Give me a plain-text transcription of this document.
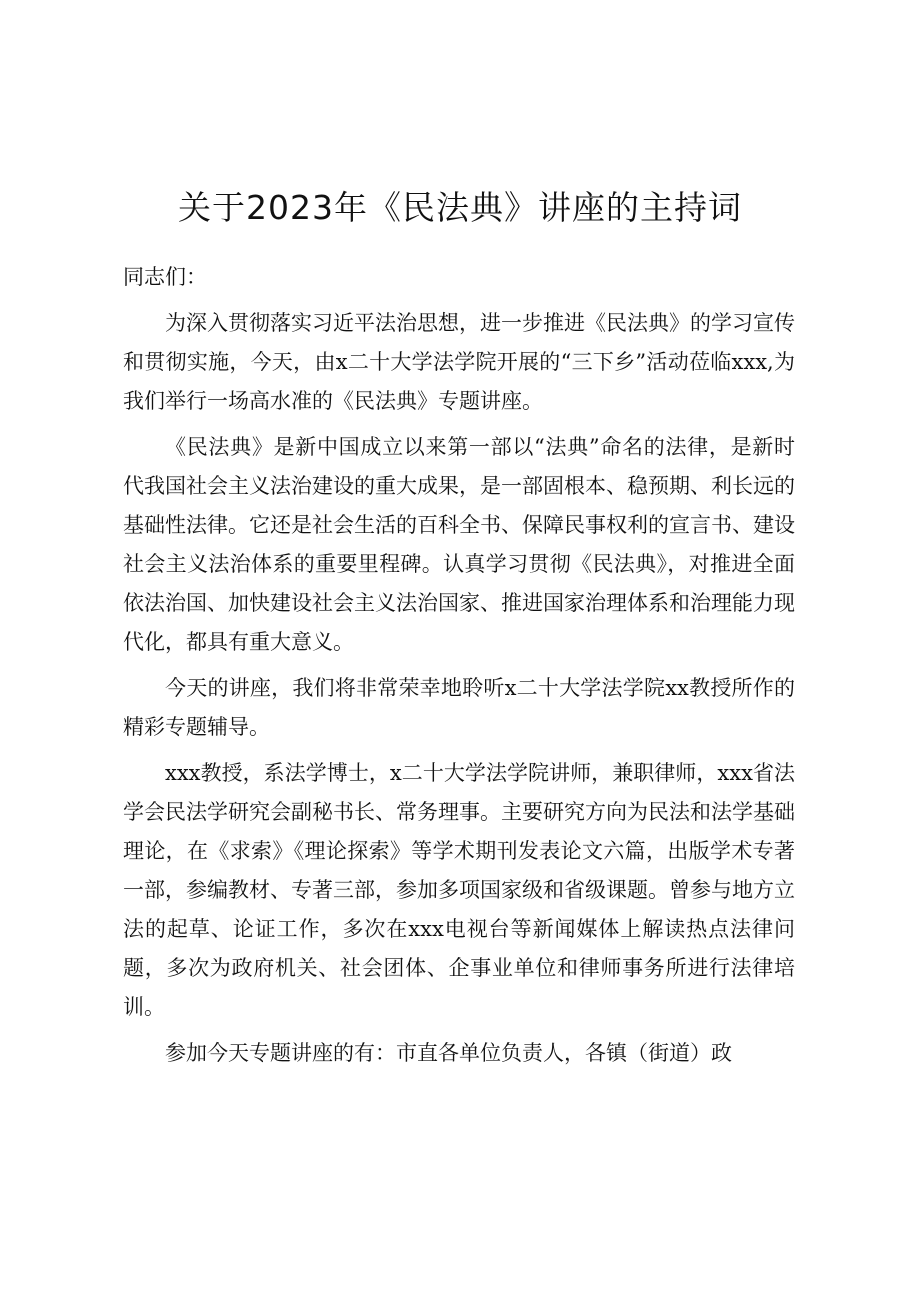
关于2023年《民法典》讲座的主持词

同志们：

为深入贯彻落实习近平法治思想，进一步推进《民法典》的学习宣传和贯彻实施，今天，由x二十大学法学院开展的“三下乡”活动莅临xxx,为我们举行一场高水准的《民法典》专题讲座。

《民法典》是新中国成立以来第一部以“法典”命名的法律，是新时代我国社会主义法治建设的重大成果，是一部固根本、稳预期、利长远的基础性法律。它还是社会生活的百科全书、保障民事权利的宣言书、建设社会主义法治体系的重要里程碑。认真学习贯彻《民法典》，对推进全面依法治国、加快建设社会主义法治国家、推进国家治理体系和治理能力现代化，都具有重大意义。

今天的讲座，我们将非常荣幸地聆听x二十大学法学院xx教授所作的精彩专题辅导。

xxx教授，系法学博士，x二十大学法学院讲师，兼职律师，xxx省法学会民法学研究会副秘书长、常务理事。主要研究方向为民法和法学基础理论，在《求索》《理论探索》等学术期刊发表论文六篇，出版学术专著一部，参编教材、专著三部，参加多项国家级和省级课题。曾参与地方立法的起草、论证工作，多次在xxx电视台等新闻媒体上解读热点法律问题，多次为政府机关、社会团体、企事业单位和律师事务所进行法律培训。

参加今天专题讲座的有：市直各单位负责人，各镇（街道）政
